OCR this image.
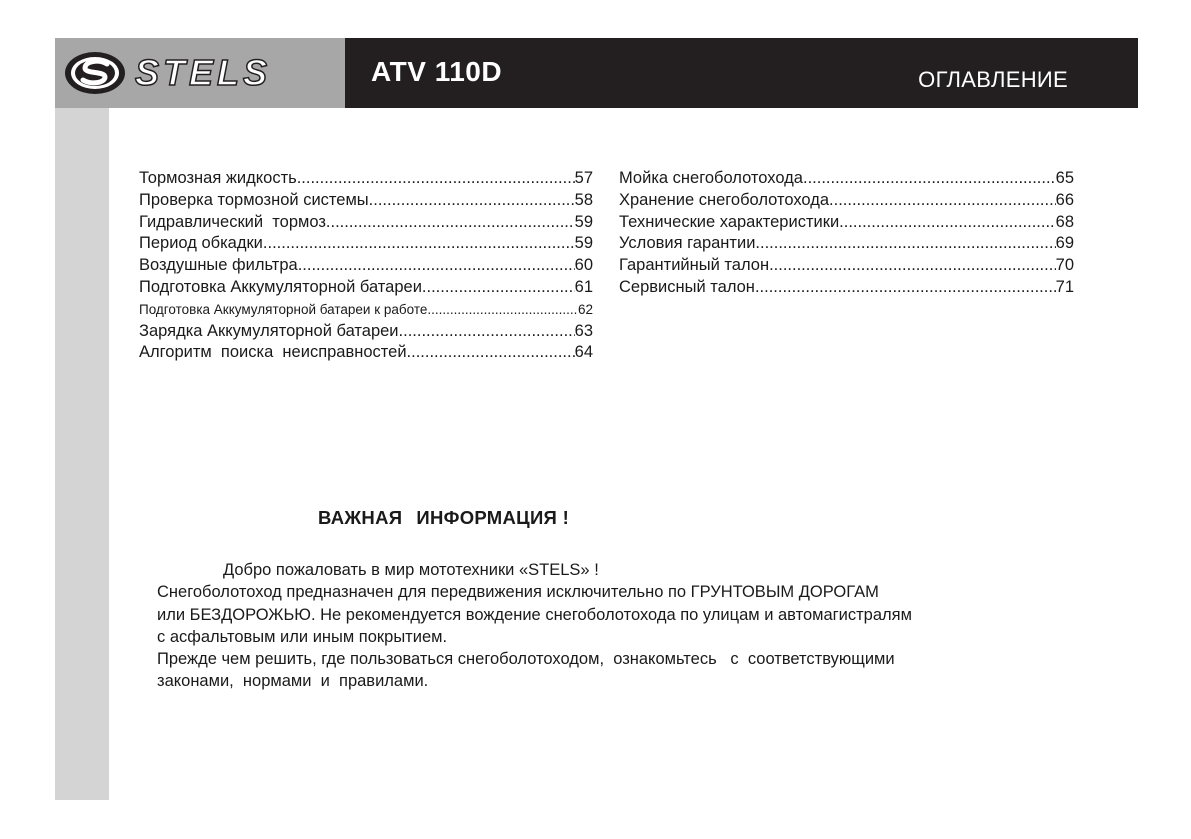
STELS	ATV 110D	ОГЛАВЛЕНИЕ
Тормозная жидкость .....	57
Проверка тормозной системы .....	58
Гидравлический  тормоз .....	59
Период обкадки .....	59
Воздушные фильтра .....	60
Подготовка Аккумуляторной батареи .....	61
Подготовка Аккумуляторной батареи к работе .....	62
Зарядка Аккумуляторной батареи .....	63
Алгоритм  поиска  неисправностей .....	64
Мойка снегоболотохода .....	65
Хранение снегоболотохода .....	66
Технические характеристики .....	68
Условия гарантии .....	69
Гарантийный талон .....	70
Сервисный талон .....	71
ВАЖНАЯ ИНФОРМАЦИЯ !

Добро пожаловать в мир мототехники «STELS» !

Снегоболотоход предназначен для передвижения исключительно по ГРУНТОВЫМ ДОРОГАМ

или БЕЗДОРОЖЬЮ. Не рекомендуется вождение снегоболотохода по улицам и автомагистралям

с асфальтовым или иным покрытием.

Прежде чем решить, где пользоваться снегоболотоходом,  ознакомьтесь   с  соответствующими

законами,  нормами  и  правилами.
